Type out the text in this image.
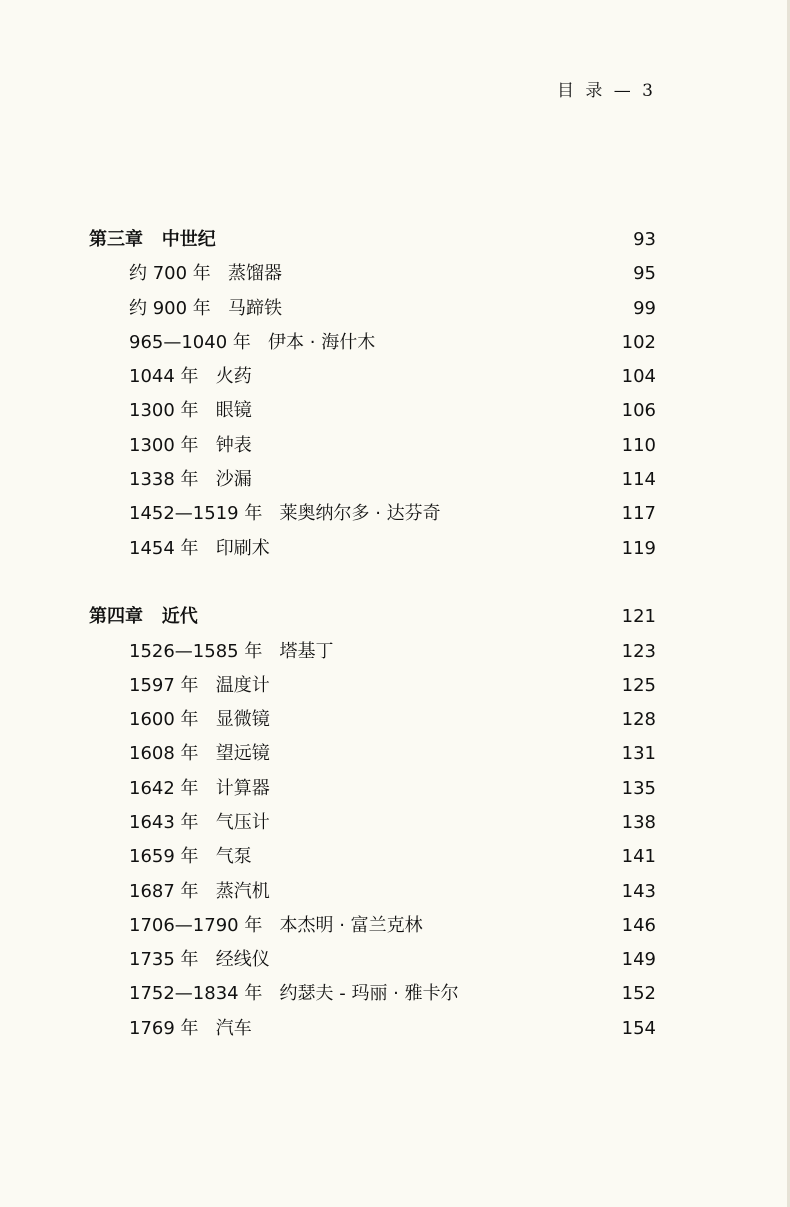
目 录 — 3
第三章   中世纪	93
约 700 年   蒸馏器	95
约 900 年   马蹄铁	99
965—1040 年   伊本 · 海什木	102
1044 年   火药	104
1300 年   眼镜	106
1300 年   钟表	110
1338 年   沙漏	114
1452—1519 年   莱奥纳尔多 · 达芬奇	117
1454 年   印刷术	119
第四章   近代	121
1526—1585 年   塔基丁	123
1597 年   温度计	125
1600 年   显微镜	128
1608 年   望远镜	131
1642 年   计算器	135
1643 年   气压计	138
1659 年   气泵	141
1687 年   蒸汽机	143
1706—1790 年   本杰明 · 富兰克林	146
1735 年   经线仪	149
1752—1834 年   约瑟夫 - 玛丽 · 雅卡尔	152
1769 年   汽车	154
